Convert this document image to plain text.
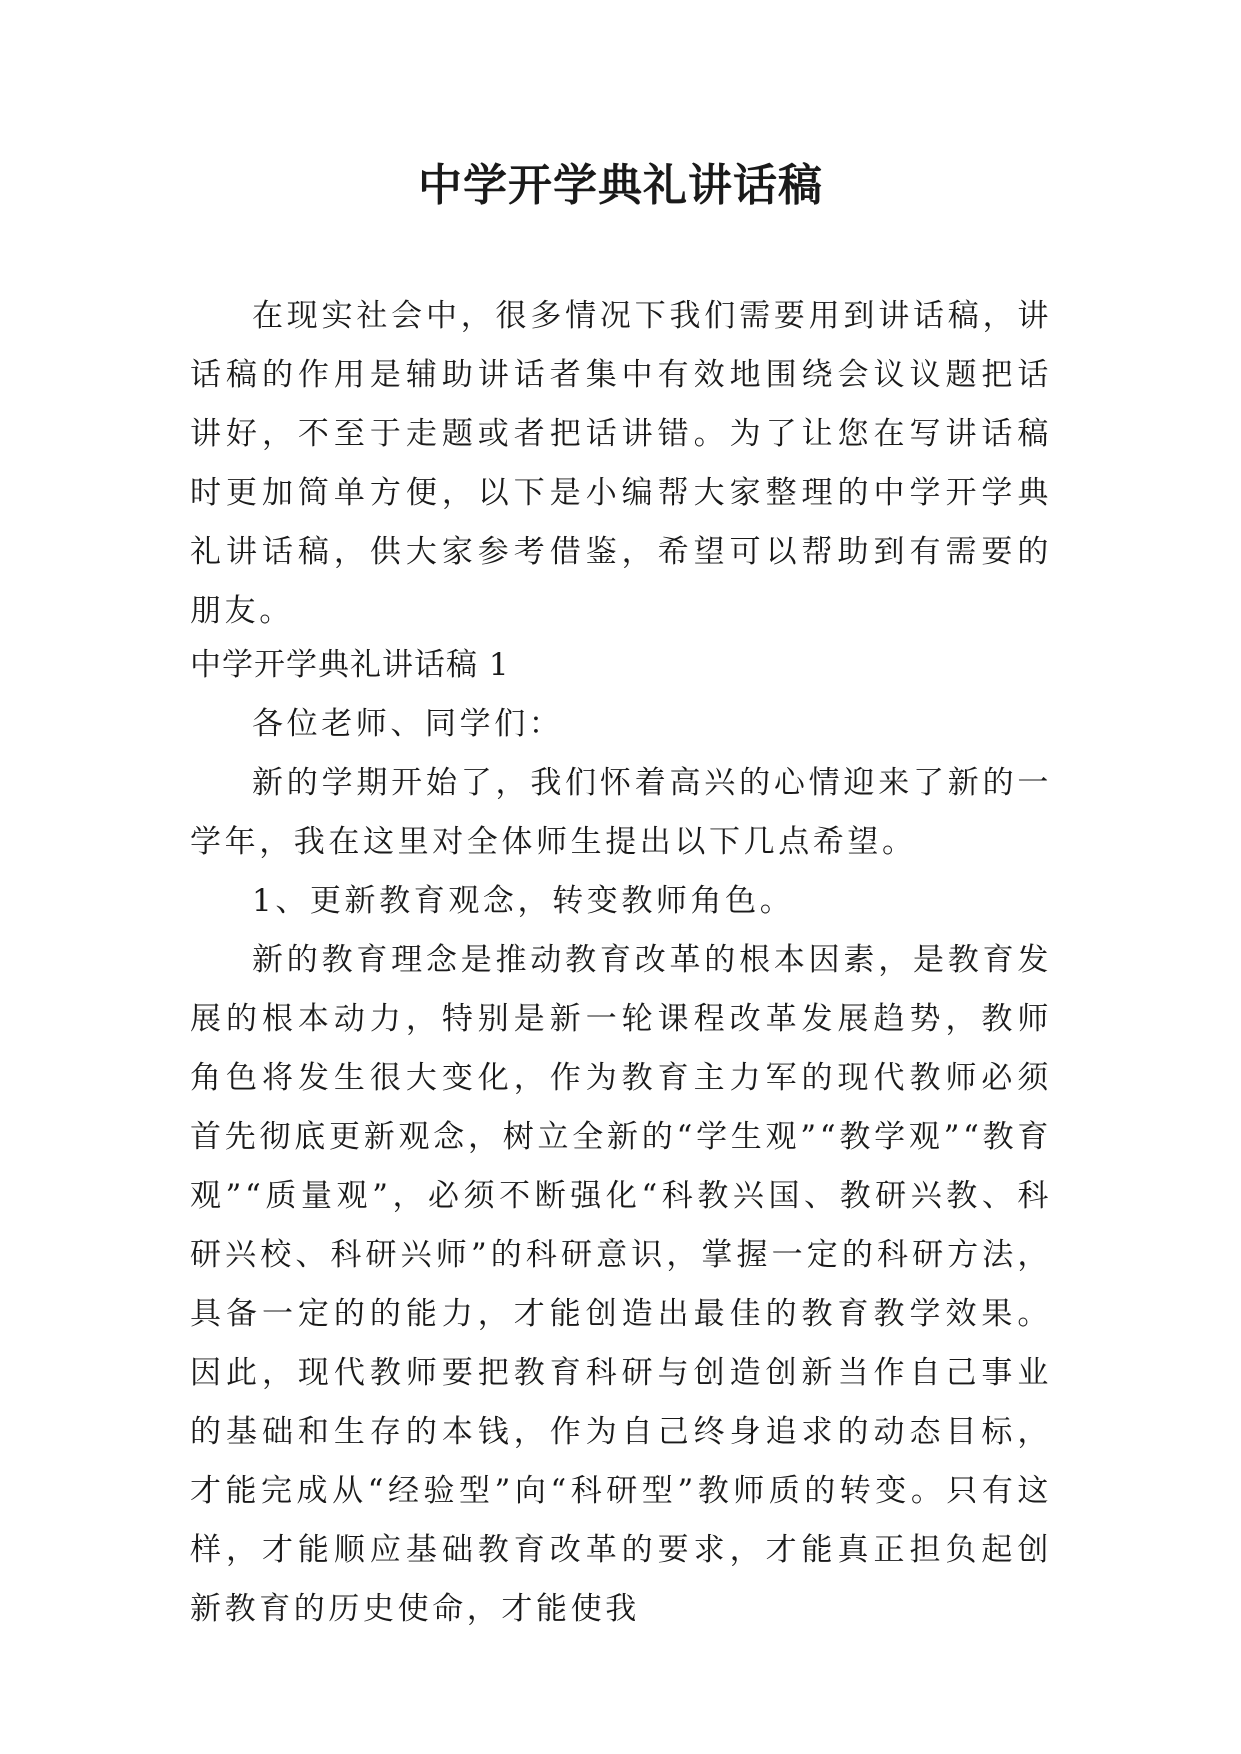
中学开学典礼讲话稿

在现实社会中，很多情况下我们需要用到讲话稿，讲话稿的作用是辅助讲话者集中有效地围绕会议议题把话讲好，不至于走题或者把话讲错。为了让您在写讲话稿时更加简单方便，以下是小编帮大家整理的中学开学典礼讲话稿，供大家参考借鉴，希望可以帮助到有需要的朋友。

中学开学典礼讲话稿 1

各位老师、同学们：

新的学期开始了，我们怀着高兴的心情迎来了新的一学年，我在这里对全体师生提出以下几点希望。

1、更新教育观念，转变教师角色。

新的教育理念是推动教育改革的根本因素，是教育发展的根本动力，特别是新一轮课程改革发展趋势，教师角色将发生很大变化，作为教育主力军的现代教师必须首先彻底更新观念，树立全新的“学生观”“教学观”“教育观”“质量观”，必须不断强化“科教兴国、教研兴教、科研兴校、科研兴师”的科研意识，掌握一定的科研方法，具备一定的的能力，才能创造出最佳的教育教学效果。因此，现代教师要把教育科研与创造创新当作自己事业的基础和生存的本钱，作为自己终身追求的动态目标，才能完成从“经验型”向“科研型”教师质的转变。只有这样，才能顺应基础教育改革的要求，才能真正担负起创新教育的历史使命，才能使我
